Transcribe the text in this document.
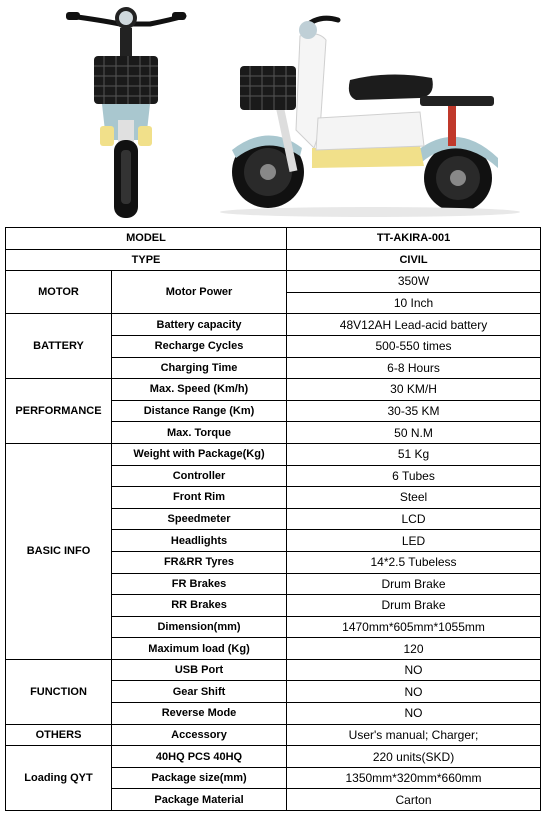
MODEL		TT-AKIRA-001
TYPE		CIVIL
MOTOR	Motor Power	350W
		10 Inch
BATTERY	Battery capacity	48V12AH Lead-acid battery
	Recharge Cycles	500-550 times
	Charging Time	6-8 Hours
PERFORMANCE	Max. Speed (Km/h)	30 KM/H
	Distance Range (Km)	30-35 KM
	Max. Torque	50 N.M
BASIC INFO	Weight with Package(Kg)	51 Kg
	Controller	6 Tubes
	Front Rim	Steel
	Speedmeter	LCD
	Headlights	LED
	FR&RR Tyres	14*2.5 Tubeless
	FR Brakes	Drum Brake
	RR Brakes	Drum Brake
	Dimension(mm)	1470mm*605mm*1055mm
	Maximum load (Kg)	120
FUNCTION	USB Port	NO
	Gear Shift	NO
	Reverse Mode	NO
OTHERS	Accessory	User's manual; Charger;
Loading QYT	40HQ PCS 40HQ	220 units(SKD)
	Package size(mm)	1350mm*320mm*660mm
	Package Material	Carton
